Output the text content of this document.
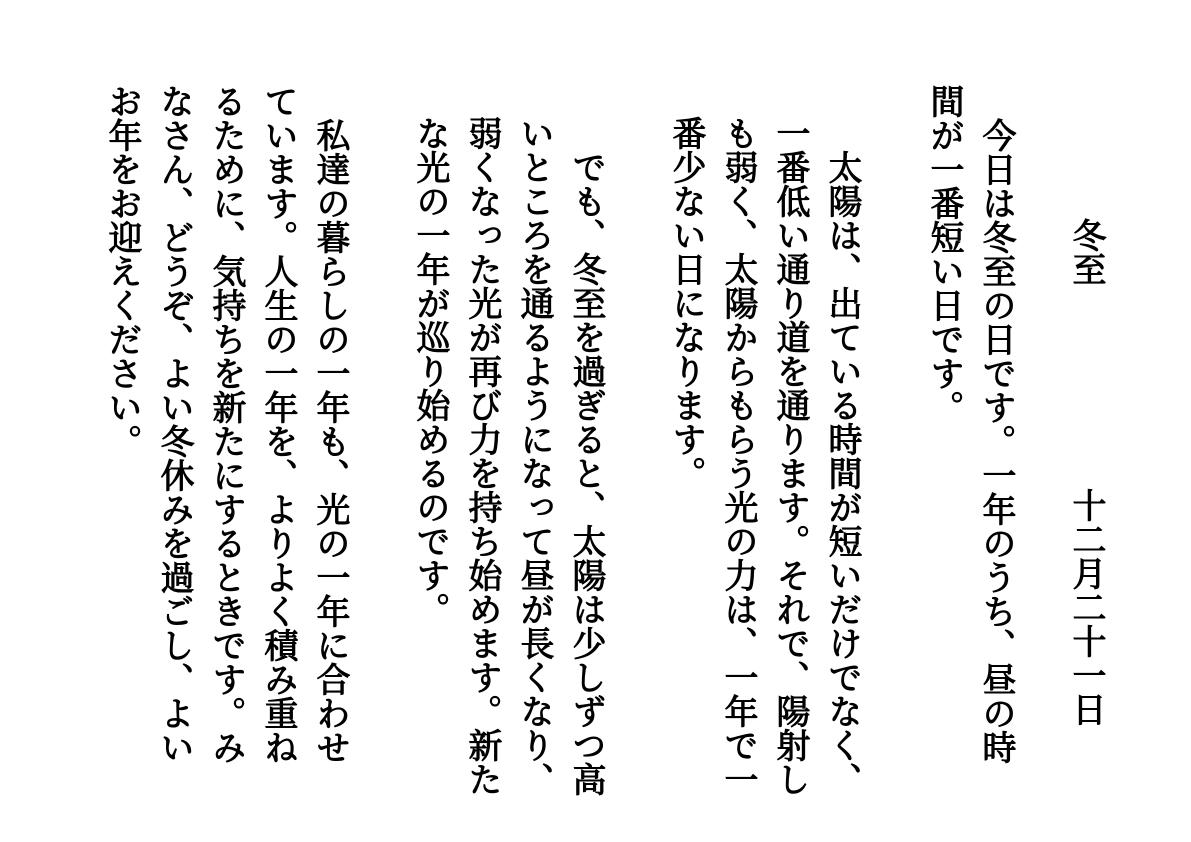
冬至
十二月二十一日
　今日は冬至の日です。一年のうち、昼の時間が一番短い日です。
　太陽は、出ている時間が短いだけでなく、一番低い通り道を通ります。それで、陽射しも弱く、太陽からもらう光の力は、一年で一番少ない日になります。
　でも、冬至を過ぎると、太陽は少しずつ高いところを通るようになって昼が長くなり、弱くなった光が再び力を持ち始めます。新たな光の一年が巡り始めるのです。
　私達の暮らしの一年も、光の一年に合わせています。人生の一年を、よりよく積み重ねるために、気持ちを新たにするときです。みなさん、どうぞ、よい冬休みを過ごし、よいお年をお迎えください。
